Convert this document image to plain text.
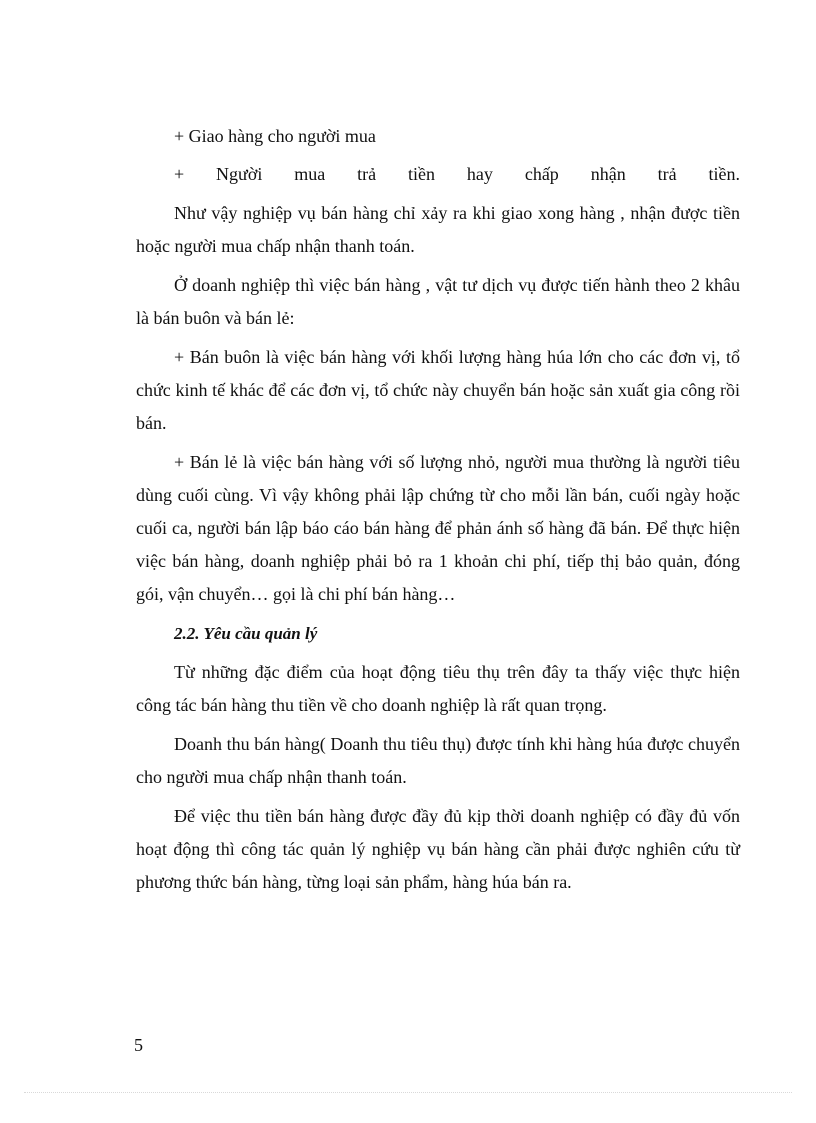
+ Giao hàng cho người mua

+ Người mua trả tiền hay chấp nhận trả tiền.

Như vậy nghiệp vụ bán hàng chỉ xảy ra khi giao xong hàng , nhận được tiền hoặc người mua chấp nhận thanh toán.

Ở doanh nghiệp thì việc bán hàng , vật tư dịch vụ được tiến hành theo 2 khâu là bán buôn và bán lẻ:

+ Bán buôn là việc bán hàng với khối lượng hàng húa lớn cho các đơn vị, tổ chức kinh tế khác để các đơn vị, tổ chức này chuyển bán hoặc sản xuất gia công rồi bán.

+ Bán lẻ là việc bán hàng với số lượng nhỏ, người mua thường là người tiêu dùng cuối cùng. Vì vậy không phải lập chứng từ cho mỗi lần bán, cuối ngày hoặc cuối ca, người bán lập báo cáo bán hàng để phản ánh số hàng đã bán. Để thực hiện việc bán hàng, doanh nghiệp phải bỏ ra 1 khoản chi phí, tiếp thị bảo quản, đóng gói, vận chuyển… gọi là chi phí bán hàng…

2.2. Yêu cầu quản lý

Từ những đặc điểm của hoạt động tiêu thụ trên đây ta thấy việc thực hiện công tác bán hàng thu tiền về cho doanh nghiệp là rất quan trọng.

Doanh thu bán hàng( Doanh thu tiêu thụ) được tính khi hàng húa được chuyển cho người mua chấp nhận thanh toán.

Để việc thu tiền bán hàng được đầy đủ kịp thời doanh nghiệp có đầy đủ vốn hoạt động thì công tác quản lý nghiệp vụ bán hàng cần phải được nghiên cứu từ phương thức bán hàng, từng loại sản phẩm, hàng húa bán ra.

5
